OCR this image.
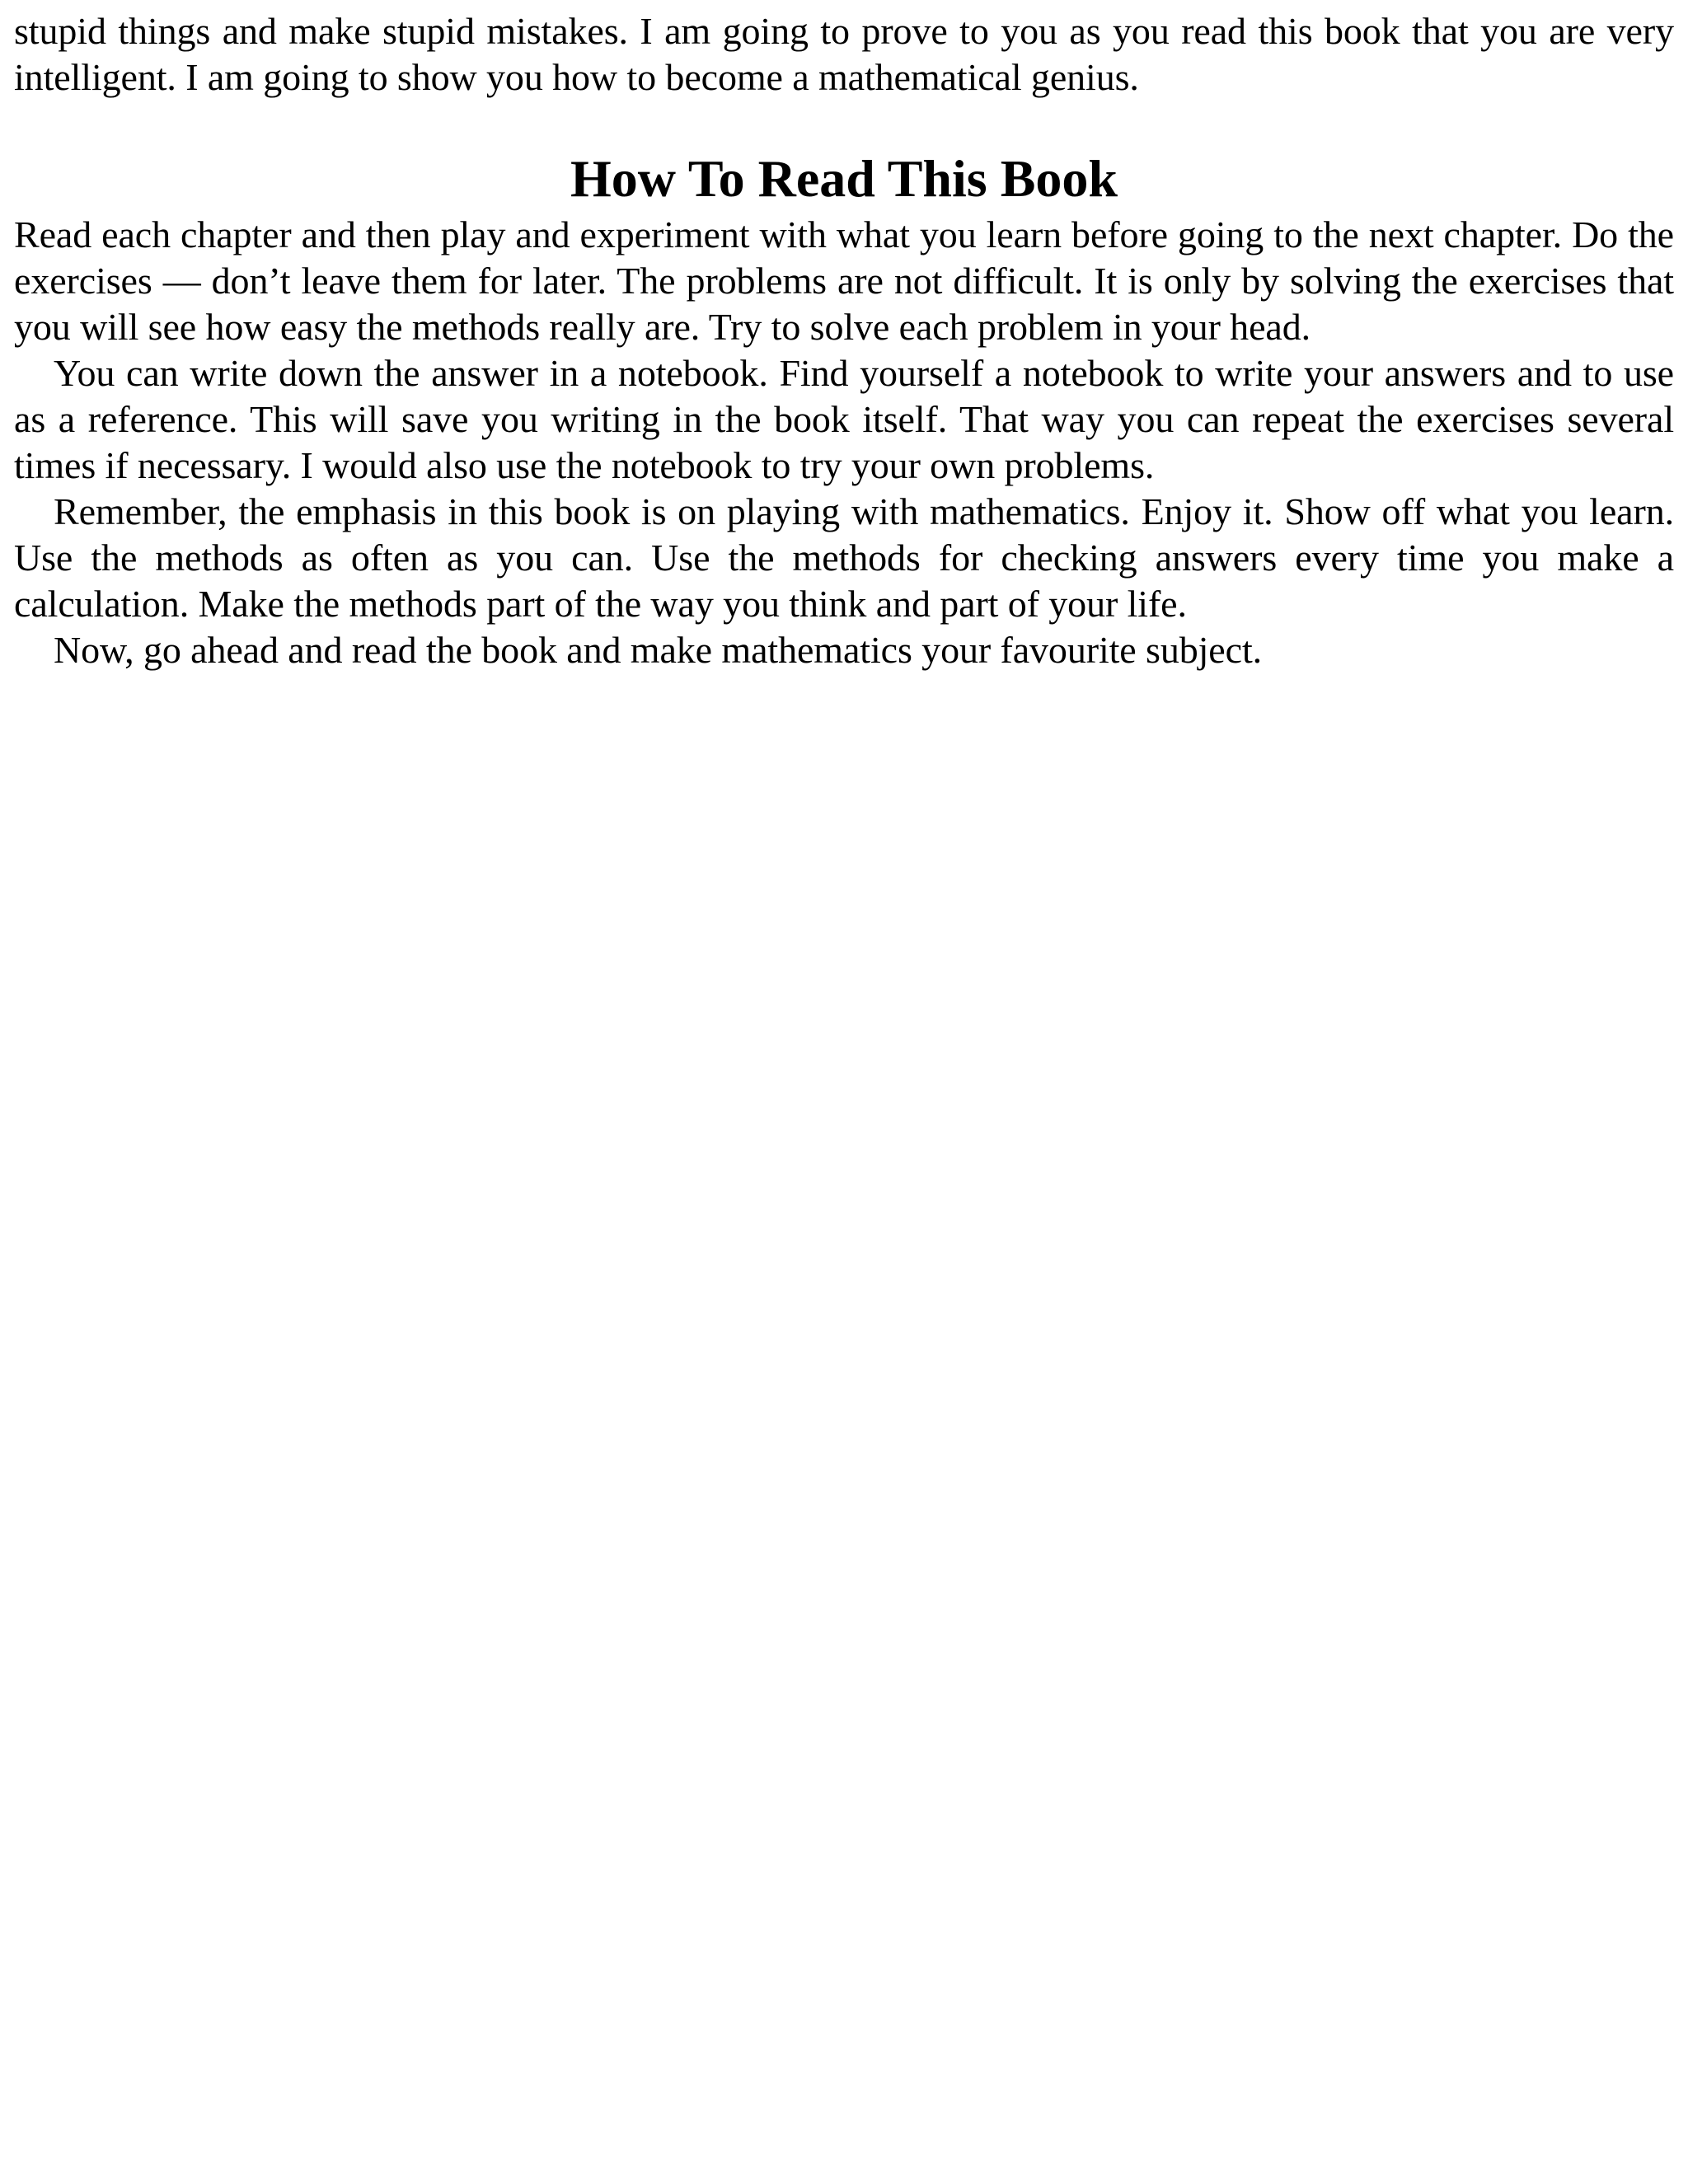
stupid things and make stupid mistakes. I am going to prove to you as you read this book that you are very intelligent. I am going to show you how to become a mathematical genius.

How To Read This Book

Read each chapter and then play and experiment with what you learn before going to the next chapter. Do the exercises — don’t leave them for later. The problems are not difficult. It is only by solving the exercises that you will see how easy the methods really are. Try to solve each problem in your head.

You can write down the answer in a notebook. Find yourself a notebook to write your answers and to use as a reference. This will save you writing in the book itself. That way you can repeat the exercises several times if necessary. I would also use the notebook to try your own problems.

Remember, the emphasis in this book is on playing with mathematics. Enjoy it. Show off what you learn. Use the methods as often as you can. Use the methods for checking answers every time you make a calculation. Make the methods part of the way you think and part of your life.

Now, go ahead and read the book and make mathematics your favourite subject.
